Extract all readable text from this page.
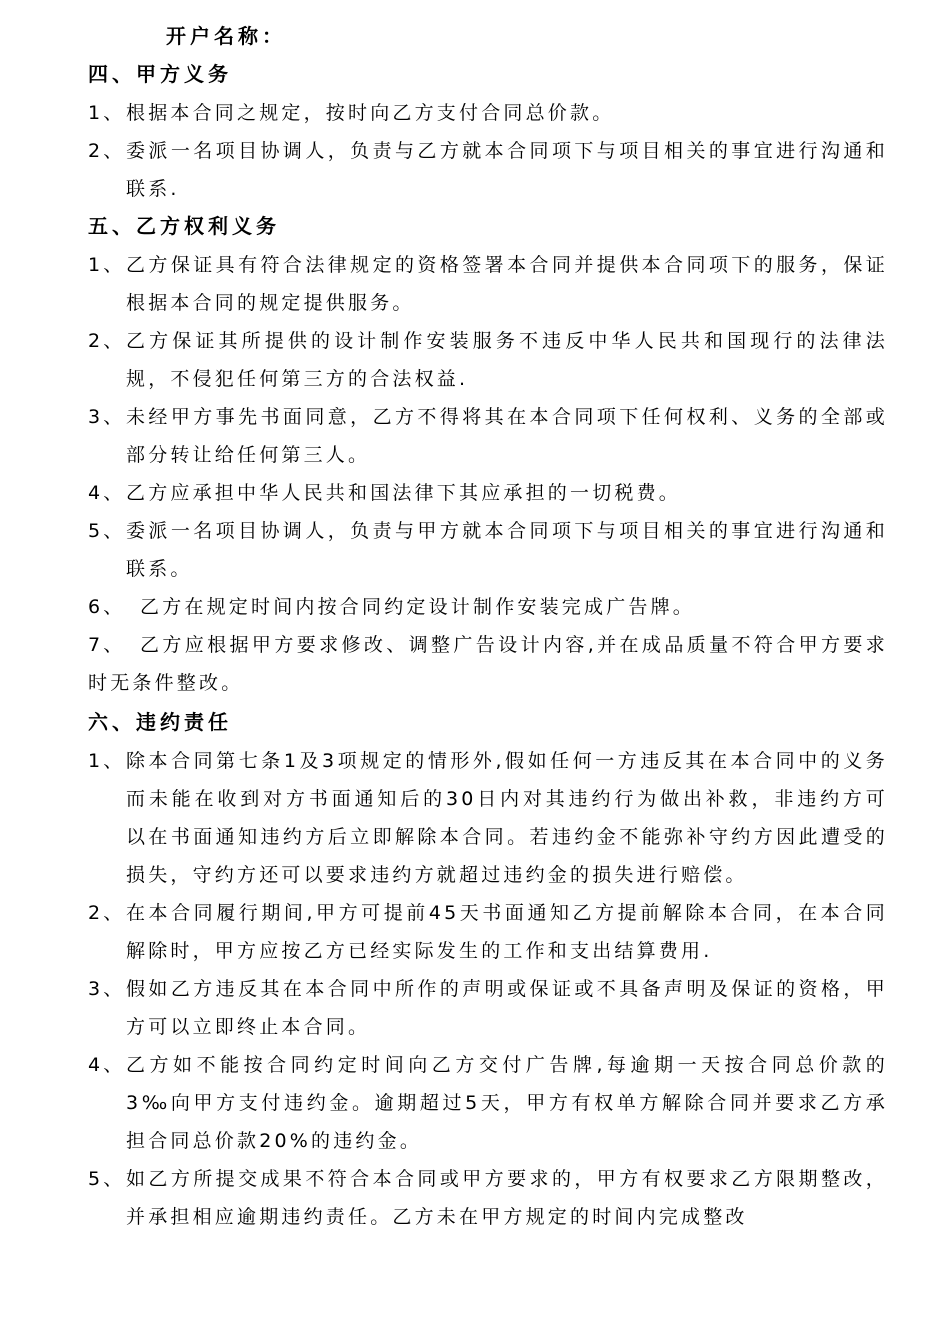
开户名称：
四、甲方义务
1、 根据本合同之规定，按时向乙方支付合同总价款。
2、 委派一名项目协调人，负责与乙方就本合同项下与项目相关的事宜进行沟通和联系.
五、乙方权利义务
1、 乙方保证具有符合法律规定的资格签署本合同并提供本合同项下的服务，保证根据本合同的规定提供服务。
2、 乙方保证其所提供的设计制作安装服务不违反中华人民共和国现行的法律法规，不侵犯任何第三方的合法权益.
3、 未经甲方事先书面同意，乙方不得将其在本合同项下任何权利、义务的全部或部分转让给任何第三人。
4、 乙方应承担中华人民共和国法律下其应承担的一切税费。
5、 委派一名项目协调人，负责与甲方就本合同项下与项目相关的事宜进行沟通和联系。
6、 乙方在规定时间内按合同约定设计制作安装完成广告牌。
7、 乙方应根据甲方要求修改、调整广告设计内容,并在成品质量不符合甲方要求时无条件整改。
六、违约责任
1、 除本合同第七条1及3项规定的情形外,假如任何一方违反其在本合同中的义务而未能在收到对方书面通知后的30日内对其违约行为做出补救，非违约方可以在书面通知违约方后立即解除本合同。若违约金不能弥补守约方因此遭受的损失，守约方还可以要求违约方就超过违约金的损失进行赔偿。
2、 在本合同履行期间,甲方可提前45天书面通知乙方提前解除本合同，在本合同解除时，甲方应按乙方已经实际发生的工作和支出结算费用.
3、 假如乙方违反其在本合同中所作的声明或保证或不具备声明及保证的资格，甲方可以立即终止本合同。
4、 乙方如不能按合同约定时间向乙方交付广告牌,每逾期一天按合同总价款的3‰向甲方支付违约金。逾期超过5天，甲方有权单方解除合同并要求乙方承担合同总价款20%的违约金。
5、 如乙方所提交成果不符合本合同或甲方要求的，甲方有权要求乙方限期整改，并承担相应逾期违约责任。乙方未在甲方规定的时间内完成整改
